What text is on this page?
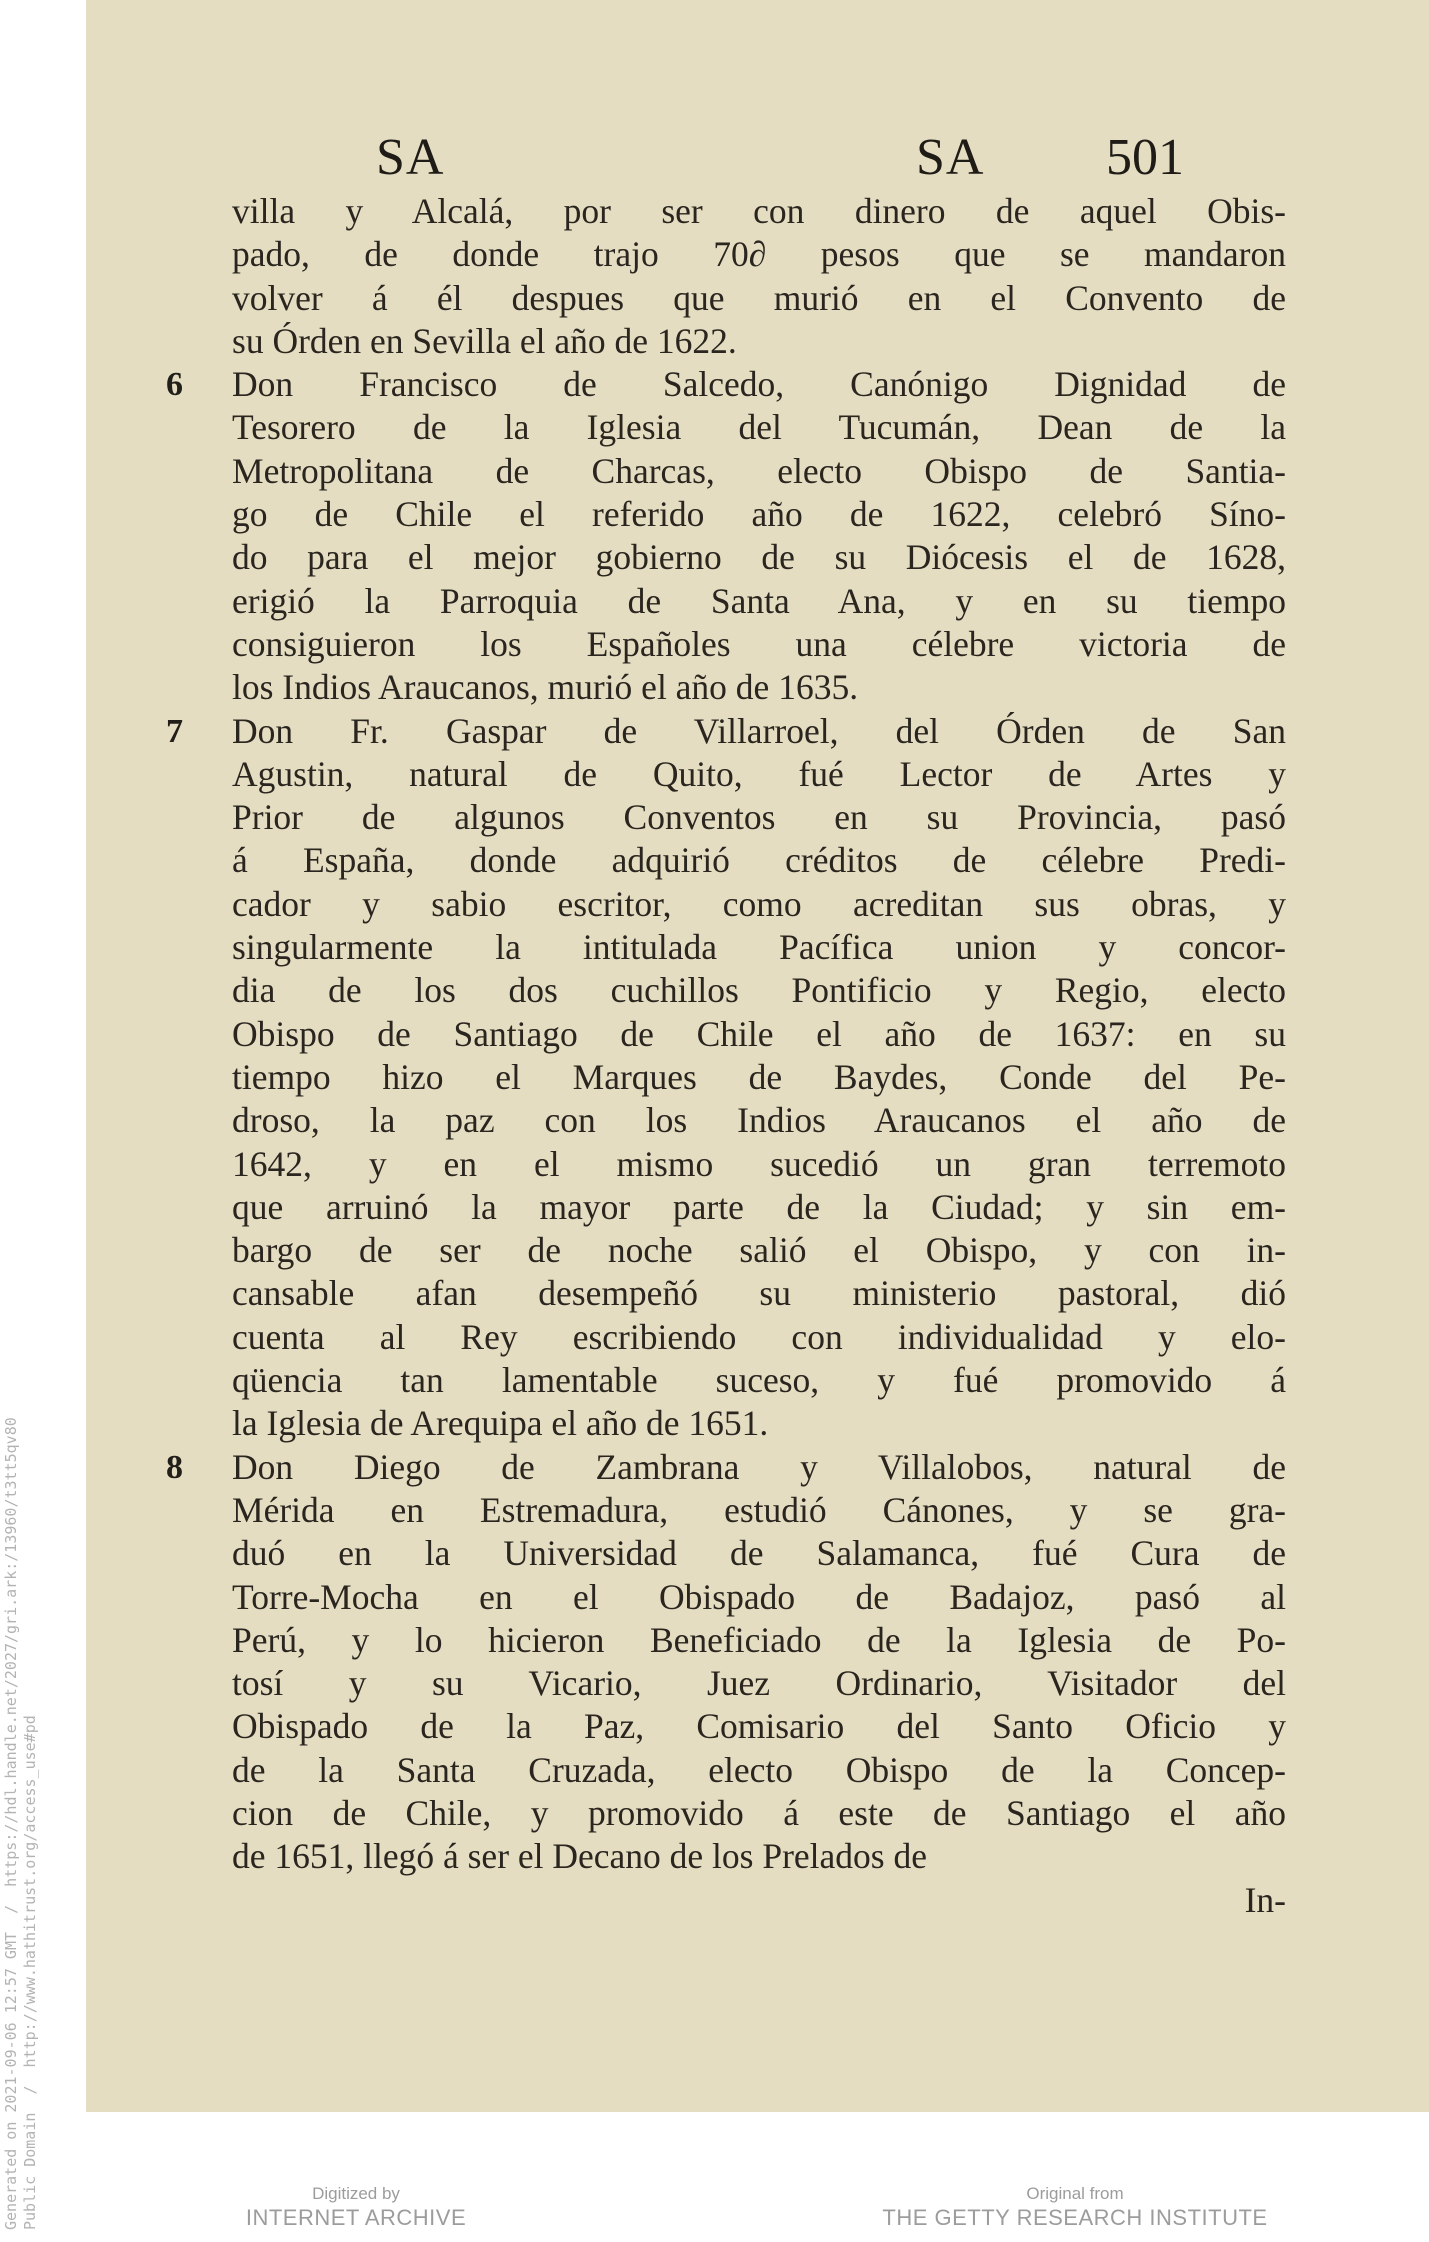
SA	SA 501
villa y Alcalá, por ser con dinero de aquel Obis-
pado, de donde trajo 70∂ pesos que se mandaron
volver á él despues que murió en el Convento de
su Órden en Sevilla el año de 1622.
6 Don Francisco de Salcedo, Canónigo Dignidad de
Tesorero de la Iglesia del Tucumán, Dean de la
Metropolitana de Charcas, electo Obispo de Santia-
go de Chile el referido año de 1622, celebró Síno-
do para el mejor gobierno de su Diócesis el de 1628,
erigió la Parroquia de Santa Ana, y en su tiempo
consiguieron los Españoles una célebre victoria de
los Indios Araucanos, murió el año de 1635.
7 Don Fr. Gaspar de Villarroel, del Órden de San
Agustin, natural de Quito, fué Lector de Artes y
Prior de algunos Conventos en su Provincia, pasó
á España, donde adquirió créditos de célebre Predi-
cador y sabio escritor, como acreditan sus obras, y
singularmente la intitulada Pacífica union y concor-
dia de los dos cuchillos Pontificio y Regio, electo
Obispo de Santiago de Chile el año de 1637: en su
tiempo hizo el Marques de Baydes, Conde del Pe-
droso, la paz con los Indios Araucanos el año de
1642, y en el mismo sucedió un gran terremoto
que arruinó la mayor parte de la Ciudad; y sin em-
bargo de ser de noche salió el Obispo, y con in-
cansable afan desempeñó su ministerio pastoral, dió
cuenta al Rey escribiendo con individualidad y elo-
qüencia tan lamentable suceso, y fué promovido á
la Iglesia de Arequipa el año de 1651.
8 Don Diego de Zambrana y Villalobos, natural de
Mérida en Estremadura, estudió Cánones, y se gra-
duó en la Universidad de Salamanca, fué Cura de
Torre-Mocha en el Obispado de Badajoz, pasó al
Perú, y lo hicieron Beneficiado de la Iglesia de Po-
tosí y su Vicario, Juez Ordinario, Visitador del
Obispado de la Paz, Comisario del Santo Oficio y
de la Santa Cruzada, electo Obispo de la Concep-
cion de Chile, y promovido á este de Santiago el año
de 1651, llegó á ser el Decano de los Prelados de
In-
Generated on 2021-09-06 12:57 GMT  /  https://hdl.handle.net/2027/gri.ark:/13960/t3tt5qv80
Public Domain  /  http://www.hathitrust.org/access_use#pd	Digitized by
INTERNET ARCHIVE
Original from
THE GETTY RESEARCH INSTITUTE
